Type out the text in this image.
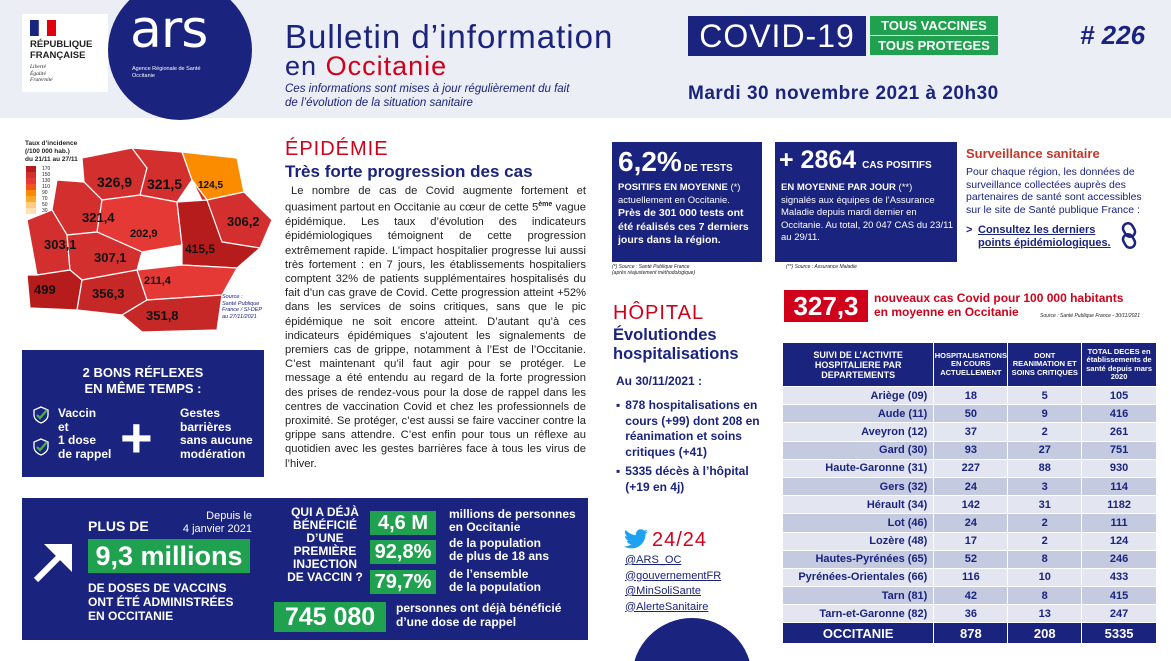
RÉPUBLIQUE
FRANÇAISE
Liberté
Égalité
Fraternité
ars
Agence Régionale de Santé
Occitanie
Bulletin d’information	COVID-19	TOUS VACCINES
TOUS PROTEGES	# 226
en Occitanie
Ces informations sont mises à jour régulièrement du fait de l’évolution de la situation sanitaire	Mardi 30 novembre 2021 à 20h30
Taux d’incidence
(/100 000 hab.)
du 21/11 au 27/11
170
150
130
110
90
70
50
30
326,9 321,5 124,5
321,4
202,9
306,2
303,1
307,1
415,5
499	356,3
211,4
351,8
Source :
Santé Publique
France / SI-DEP
au 27/11/2021
ÉPIDÉMIE
Très forte progression des cas
Le nombre de cas de Covid augmente fortement et quasiment partout en Occitanie au cœur de cette 5ème vague épidémique. Les taux d’évolution des indicateurs épidémiologiques témoignent de cette progression extrêmement rapide. L’impact hospitalier progresse lui aussi très fortement : en 7 jours, les établissements hospitaliers comptent 32% de patients supplémentaires hospitalisés du fait d’un cas grave de Covid. Cette progression atteint +52% dans les services de soins critiques, sans que le pic épidémique ne soit encore atteint. D’autant qu’à ces indicateurs épidémiques s’ajoutent les signalements de premiers cas de grippe, notamment à l’Est de l’Occitanie. C’est maintenant qu’il faut agir pour se protéger. Le message a été entendu au regard de la forte progression des prises de rendez-vous pour la dose de rappel dans les centres de vaccination Covid et chez les professionnels de proximité. Se protéger, c’est aussi se faire vacciner contre la grippe sans attendre. C’est enfin pour tous un réflexe au quotidien avec les gestes barrières face à tous les virus de l’hiver.
2 BONS RÉFLEXES
EN MÊME TEMPS :
Vaccin
et
1 dose
de rappel + Gestes
barrières
sans aucune
modération
Depuis le
4 janvier 2021
PLUS DE
9,3 millions
DE DOSES DE VACCINS
ONT ÉTÉ ADMINISTRÉES
EN OCCITANIE
QUI A DÉJÀ
BÉNÉFICIÉ
D’UNE
PREMIÈRE
INJECTION
DE VACCIN ?
4,6 M	millions de personnes
en Occitanie
92,8%	de la population
de plus de 18 ans
79,7%	de l’ensemble
de la population
745 080	personnes ont déjà bénéficié
d’une dose de rappel
6,2% DE TESTS
POSITIFS EN MOYENNE (*)
actuellement en Occitanie.
Près de 301 000 tests ont été réalisés ces 7 derniers jours dans la région.
(*) Source : Santé Publique France
(après réajustement méthodologique)
+ 2864 CAS POSITIFS
EN MOYENNE PAR JOUR (**)
signalés aux équipes de l’Assurance Maladie depuis mardi dernier en Occitanie. Au total, 20 047 CAS du 23/11 au 29/11.
(**) Source : Assurance Maladie
Surveillance sanitaire
Pour chaque région, les données de surveillance collectées auprès des partenaires de santé sont accessibles sur le site de Santé publique France :
> Consultez les derniers
points épidémiologiques.
327,3	nouveaux cas Covid pour 100 000 habitants
en moyenne en Occitanie	Source : Santé Publique France - 30/11/2021
HÔPITAL
Évolutiondes
hospitalisations
Au 30/11/2021 :
▪ 878 hospitalisations en cours (+99) dont 208 en réanimation et soins critiques (+41)
▪ 5335 décès à l’hôpital (+19 en 4j)
24/24
@ARS_OC
@gouvernementFR
@MinSoliSante
@AlerteSanitaire
SUIVI DE L’ACTIVITE HOSPITALIERE PAR DEPARTEMENTS	HOSPITALISATIONS EN COURS ACTUELLEMENT	DONT REANIMATION ET SOINS CRITIQUES	TOTAL DECES en établissements de santé depuis mars 2020
Ariège (09)	18	5	105
Aude (11)	50	9	416
Aveyron (12)	37	2	261
Gard (30)	93	27	751
Haute-Garonne (31)	227	88	930
Gers (32)	24	3	114
Hérault (34)	142	31	1182
Lot (46)	24	2	111
Lozère (48)	17	2	124
Hautes-Pyrénées (65)	52	8	246
Pyrénées-Orientales (66)	116	10	433
Tarn (81)	42	8	415
Tarn-et-Garonne (82)	36	13	247
OCCITANIE	878	208	5335
